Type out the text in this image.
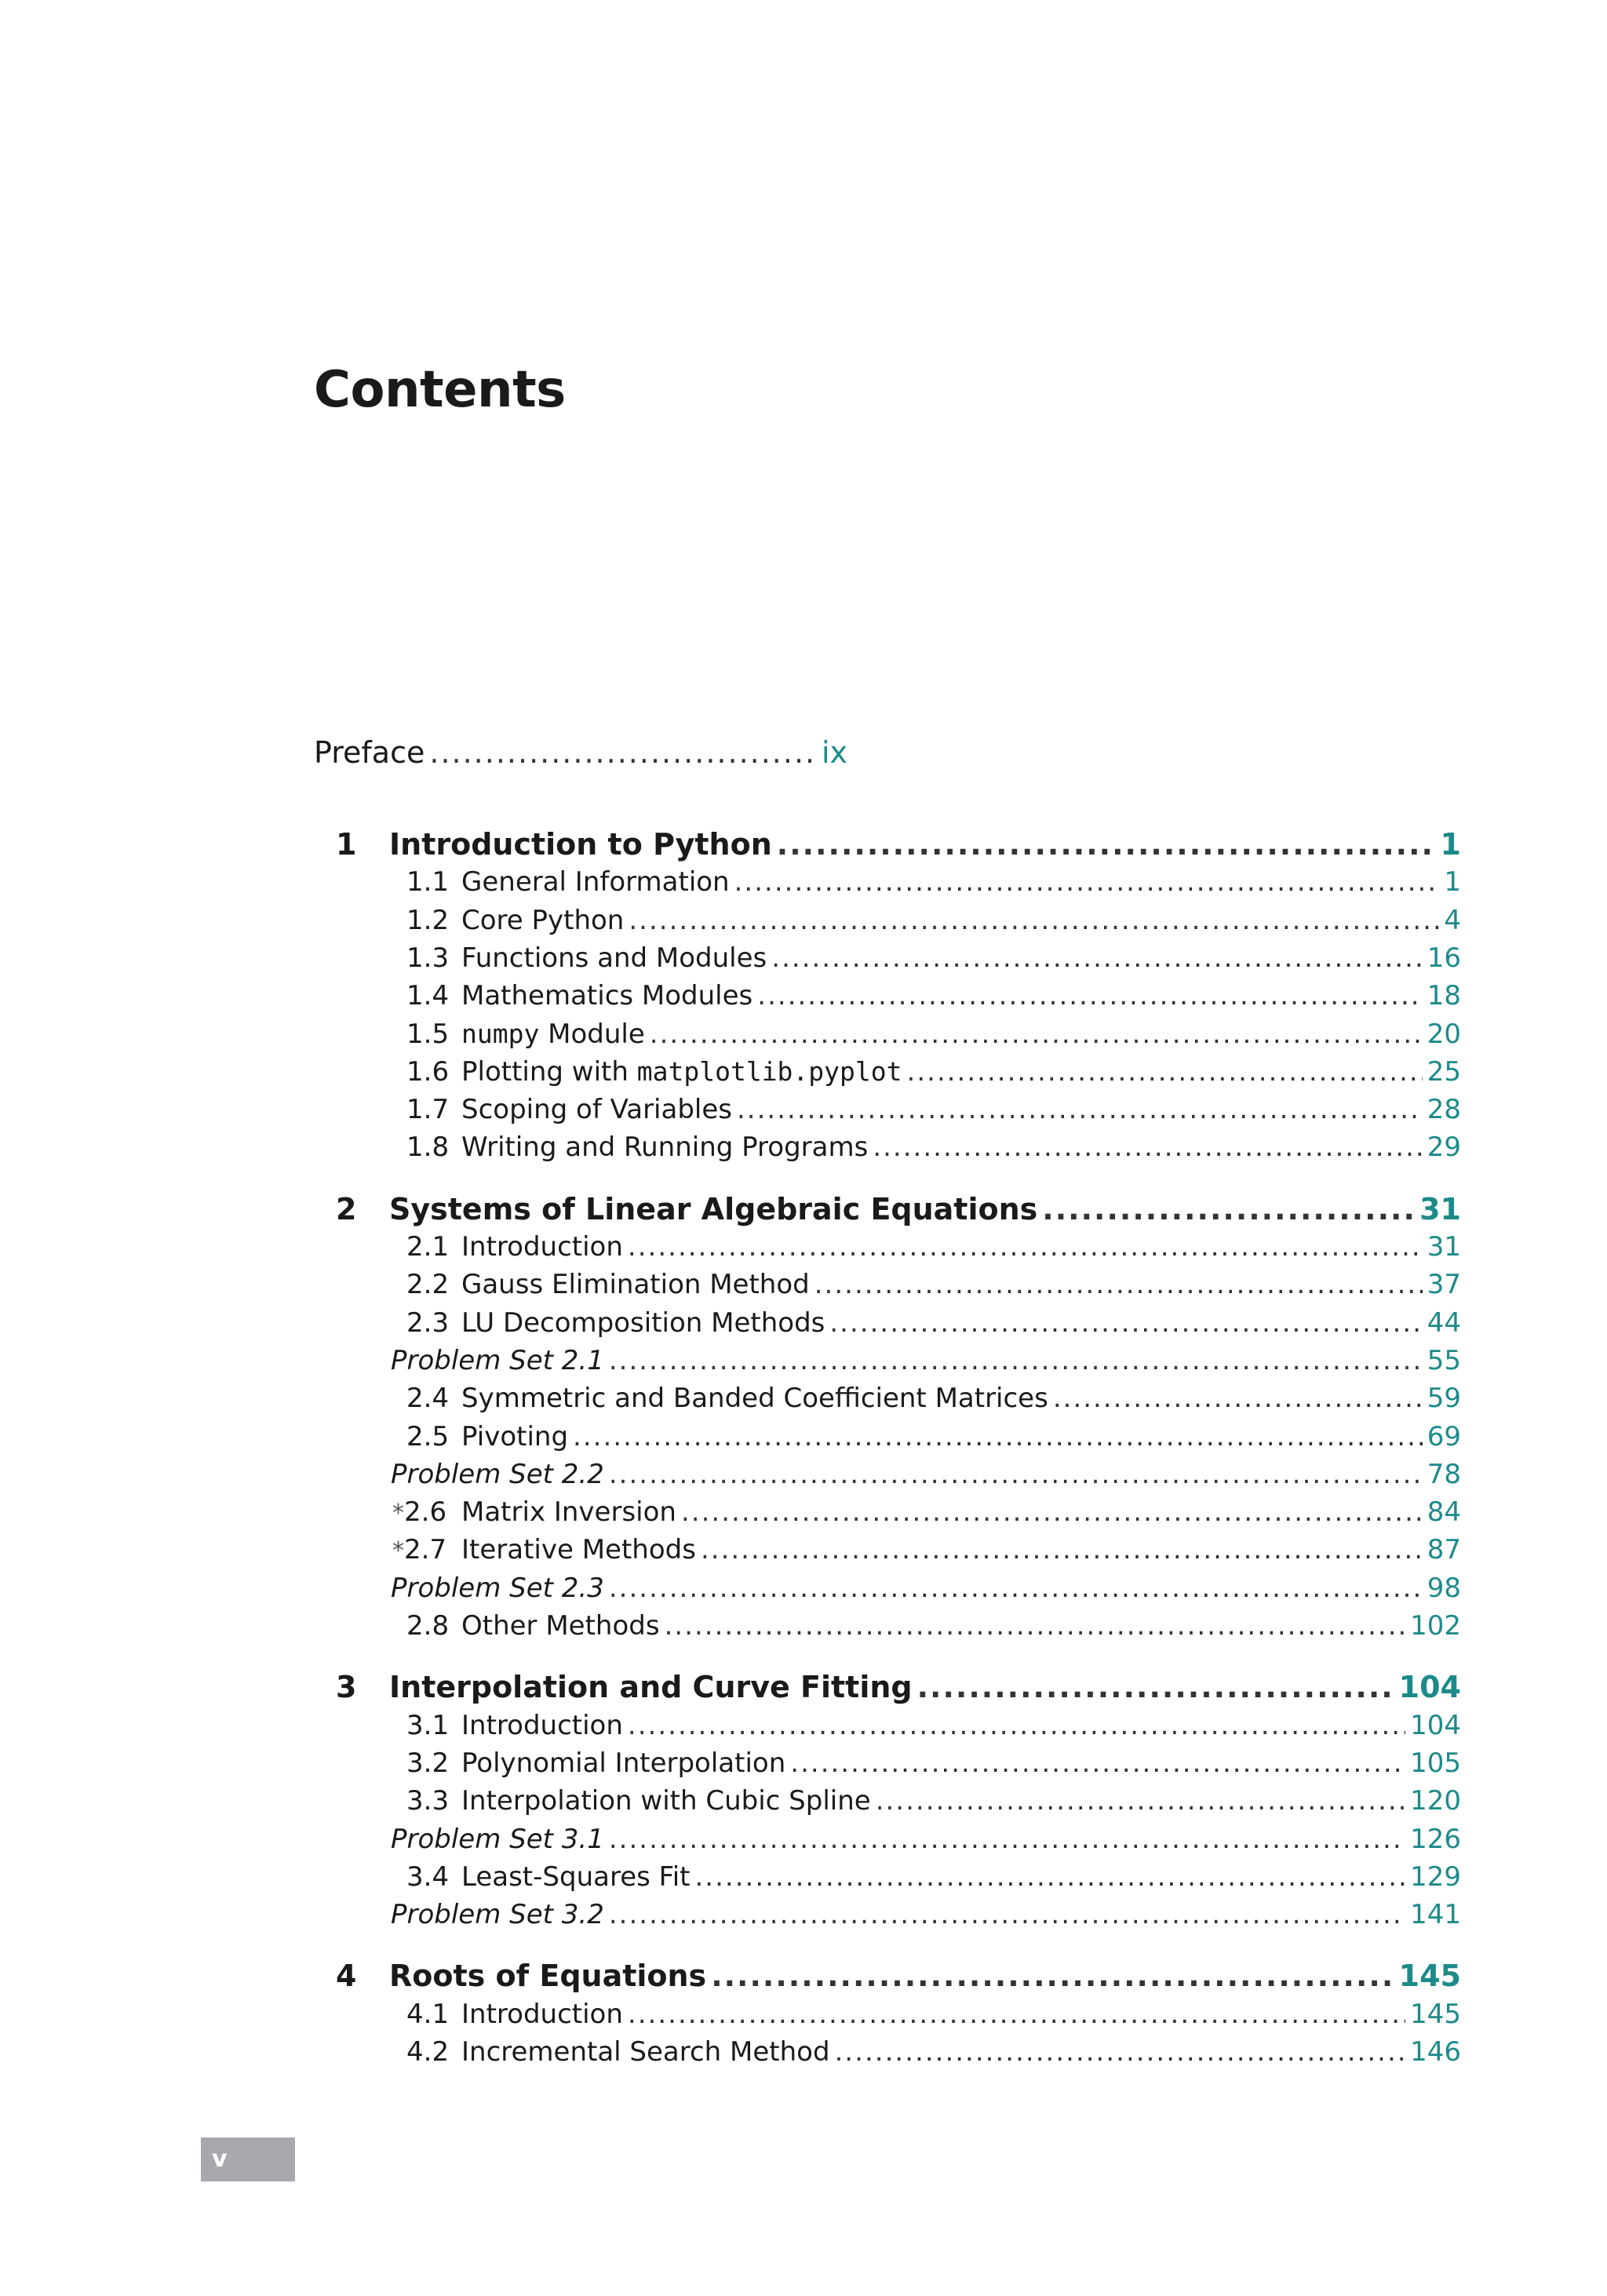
Contents
Preface .....	ix
1	Introduction to Python .....	1
1.1 General Information .....	1
1.2 Core Python .....	4
1.3 Functions and Modules .....	16
1.4 Mathematics Modules .....	18
1.5 numpy Module .....	20
1.6 Plotting with matplotlib.pyplot .....	25
1.7 Scoping of Variables .....	28
1.8 Writing and Running Programs .....	29
2	Systems of Linear Algebraic Equations .....	31
2.1 Introduction .....	31
2.2 Gauss Elimination Method .....	37
2.3 LU Decomposition Methods .....	44
Problem Set 2.1 .....	55
2.4 Symmetric and Banded Coefficient Matrices .....	59
2.5 Pivoting .....	69
Problem Set 2.2 .....	78
*2.6 Matrix Inversion .....	84
*2.7 Iterative Methods .....	87
Problem Set 2.3 .....	98
2.8 Other Methods .....	102
3	Interpolation and Curve Fitting .....	104
3.1 Introduction .....	104
3.2 Polynomial Interpolation .....	105
3.3 Interpolation with Cubic Spline .....	120
Problem Set 3.1 .....	126
3.4 Least-Squares Fit .....	129
Problem Set 3.2 .....	141
4	Roots of Equations .....	145
4.1 Introduction .....	145
4.2 Incremental Search Method .....	146
v
